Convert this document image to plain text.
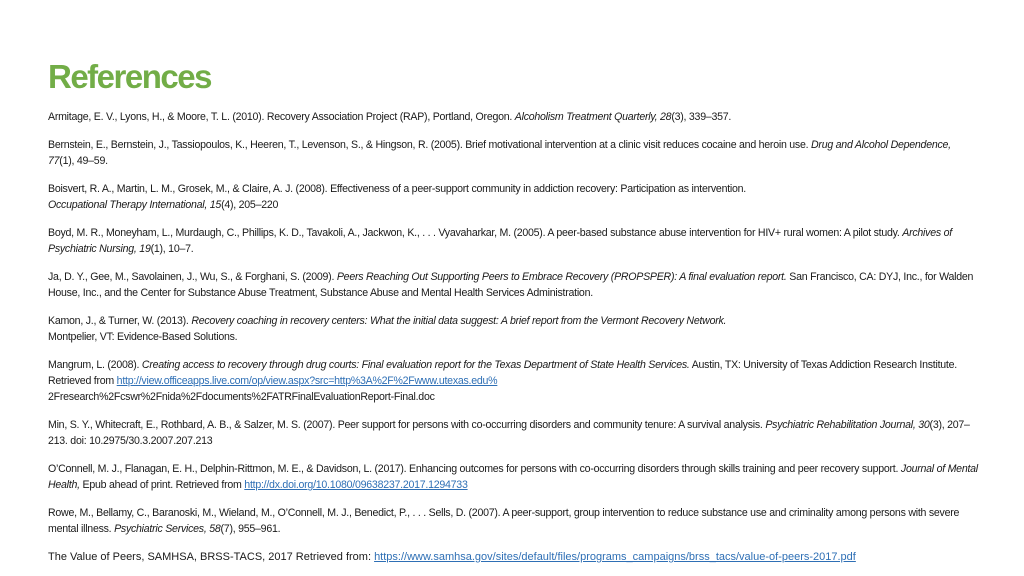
References
Armitage, E. V., Lyons, H., & Moore, T. L. (2010). Recovery Association Project (RAP), Portland, Oregon. Alcoholism Treatment Quarterly, 28(3), 339–357.
Bernstein, E., Bernstein, J., Tassiopoulos, K., Heeren, T., Levenson, S., & Hingson, R. (2005). Brief motivational intervention at a clinic visit reduces cocaine and heroin use. Drug and Alcohol Dependence, 77(1), 49–59.
Boisvert, R. A., Martin, L. M., Grosek, M., & Claire, A. J. (2008). Effectiveness of a peer-support community in addiction recovery: Participation as intervention.
Occupational Therapy International, 15(4), 205–220
Boyd, M. R., Moneyham, L., Murdaugh, C., Phillips, K. D., Tavakoli, A., Jackwon, K., . . . Vyavaharkar, M. (2005). A peer-based substance abuse intervention for HIV+ rural women: A pilot study. Archives of Psychiatric Nursing, 19(1), 10–7.
Ja, D. Y., Gee, M., Savolainen, J., Wu, S., & Forghani, S. (2009). Peers Reaching Out Supporting Peers to Embrace Recovery (PROPSPER): A final evaluation report. San Francisco, CA: DYJ, Inc., for Walden House, Inc., and the Center for Substance Abuse Treatment, Substance Abuse and Mental Health Services Administration.
Kamon, J., & Turner, W. (2013). Recovery coaching in recovery centers: What the initial data suggest: A brief report from the Vermont Recovery Network.
Montpelier, VT: Evidence-Based Solutions.
Mangrum, L. (2008). Creating access to recovery through drug courts: Final evaluation report for the Texas Department of State Health Services. Austin, TX: University of Texas Addiction Research Institute. Retrieved from http://view.officeapps.live.com/op/view.aspx?src=http%3A%2F%2Fwww.utexas.edu%
2Fresearch%2Fcswr%2Fnida%2Fdocuments%2FATRFinalEvaluationReport-Final.doc
Min, S. Y., Whitecraft, E., Rothbard, A. B., & Salzer, M. S. (2007). Peer support for persons with co-occurring disorders and community tenure: A survival analysis. Psychiatric Rehabilitation Journal, 30(3), 207–213. doi: 10.2975/30.3.2007.207.213
O’Connell, M. J., Flanagan, E. H., Delphin-Rittmon, M. E., & Davidson, L. (2017). Enhancing outcomes for persons with co-occurring disorders through skills training and peer recovery support. Journal of Mental Health, Epub ahead of print. Retrieved from http://dx.doi.org/10.1080/09638237.2017.1294733
Rowe, M., Bellamy, C., Baranoski, M., Wieland, M., O’Connell, M. J., Benedict, P., . . . Sells, D. (2007). A peer-support, group intervention to reduce substance use and criminality among persons with severe mental illness. Psychiatric Services, 58(7), 955–961.
The Value of Peers, SAMHSA, BRSS-TACS, 2017 Retrieved from: https://www.samhsa.gov/sites/default/files/programs_campaigns/brss_tacs/value-of-peers-2017.pdf
